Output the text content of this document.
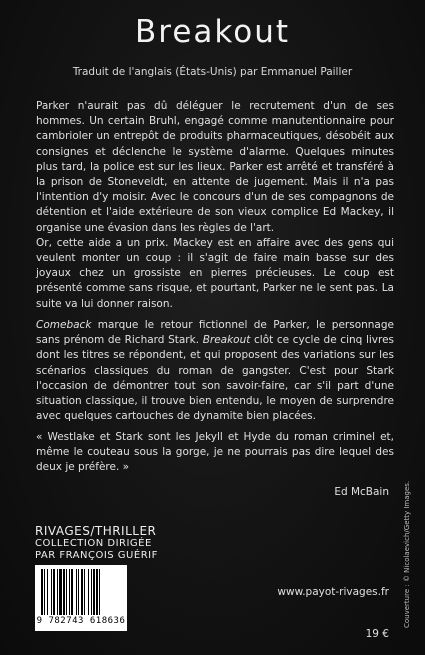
Breakout
Traduit de l'anglais (États-Unis) par Emmanuel Pailler

Parker n'aurait pas dû déléguer le recrutement d'un de ses hommes. Un certain Bruhl, engagé comme manutentionnaire pour cambrioler un entrepôt de produits pharmaceutiques, désobéit aux consignes et déclenche le système d'alarme. Quelques minutes plus tard, la police est sur les lieux. Parker est arrêté et transféré à la prison de Stoneveldt, en attente de jugement. Mais il n'a pas l'intention d'y moisir. Avec le concours d'un de ses compagnons de détention et l'aide extérieure de son vieux complice Ed Mackey, il organise une évasion dans les règles de l'art.
Or, cette aide a un prix. Mackey est en affaire avec des gens qui veulent monter un coup : il s'agit de faire main basse sur des joyaux chez un grossiste en pierres précieuses. Le coup est présenté comme sans risque, et pourtant, Parker ne le sent pas. La suite va lui donner raison.

Comeback marque le retour fictionnel de Parker, le personnage sans prénom de Richard Stark. Breakout clôt ce cycle de cinq livres dont les titres se répondent, et qui proposent des variations sur les scénarios classiques du roman de gangster. C'est pour Stark l'occasion de démontrer tout son savoir-faire, car s'il part d'une situation classique, il trouve bien entendu, le moyen de surprendre avec quelques cartouches de dynamite bien placées.

« Westlake et Stark sont les Jekyll et Hyde du roman criminel et, même le couteau sous la gorge, je ne pourrais pas dire lequel des deux je préfère. »

Ed McBain
RIVAGES/THRILLER
COLLECTION DIRIGÉE
PAR FRANÇOIS GUÉRIF
9 782743 618636
www.payot-rivages.fr
19 €
Couverture : © Nicolaevich/Getty Images.
